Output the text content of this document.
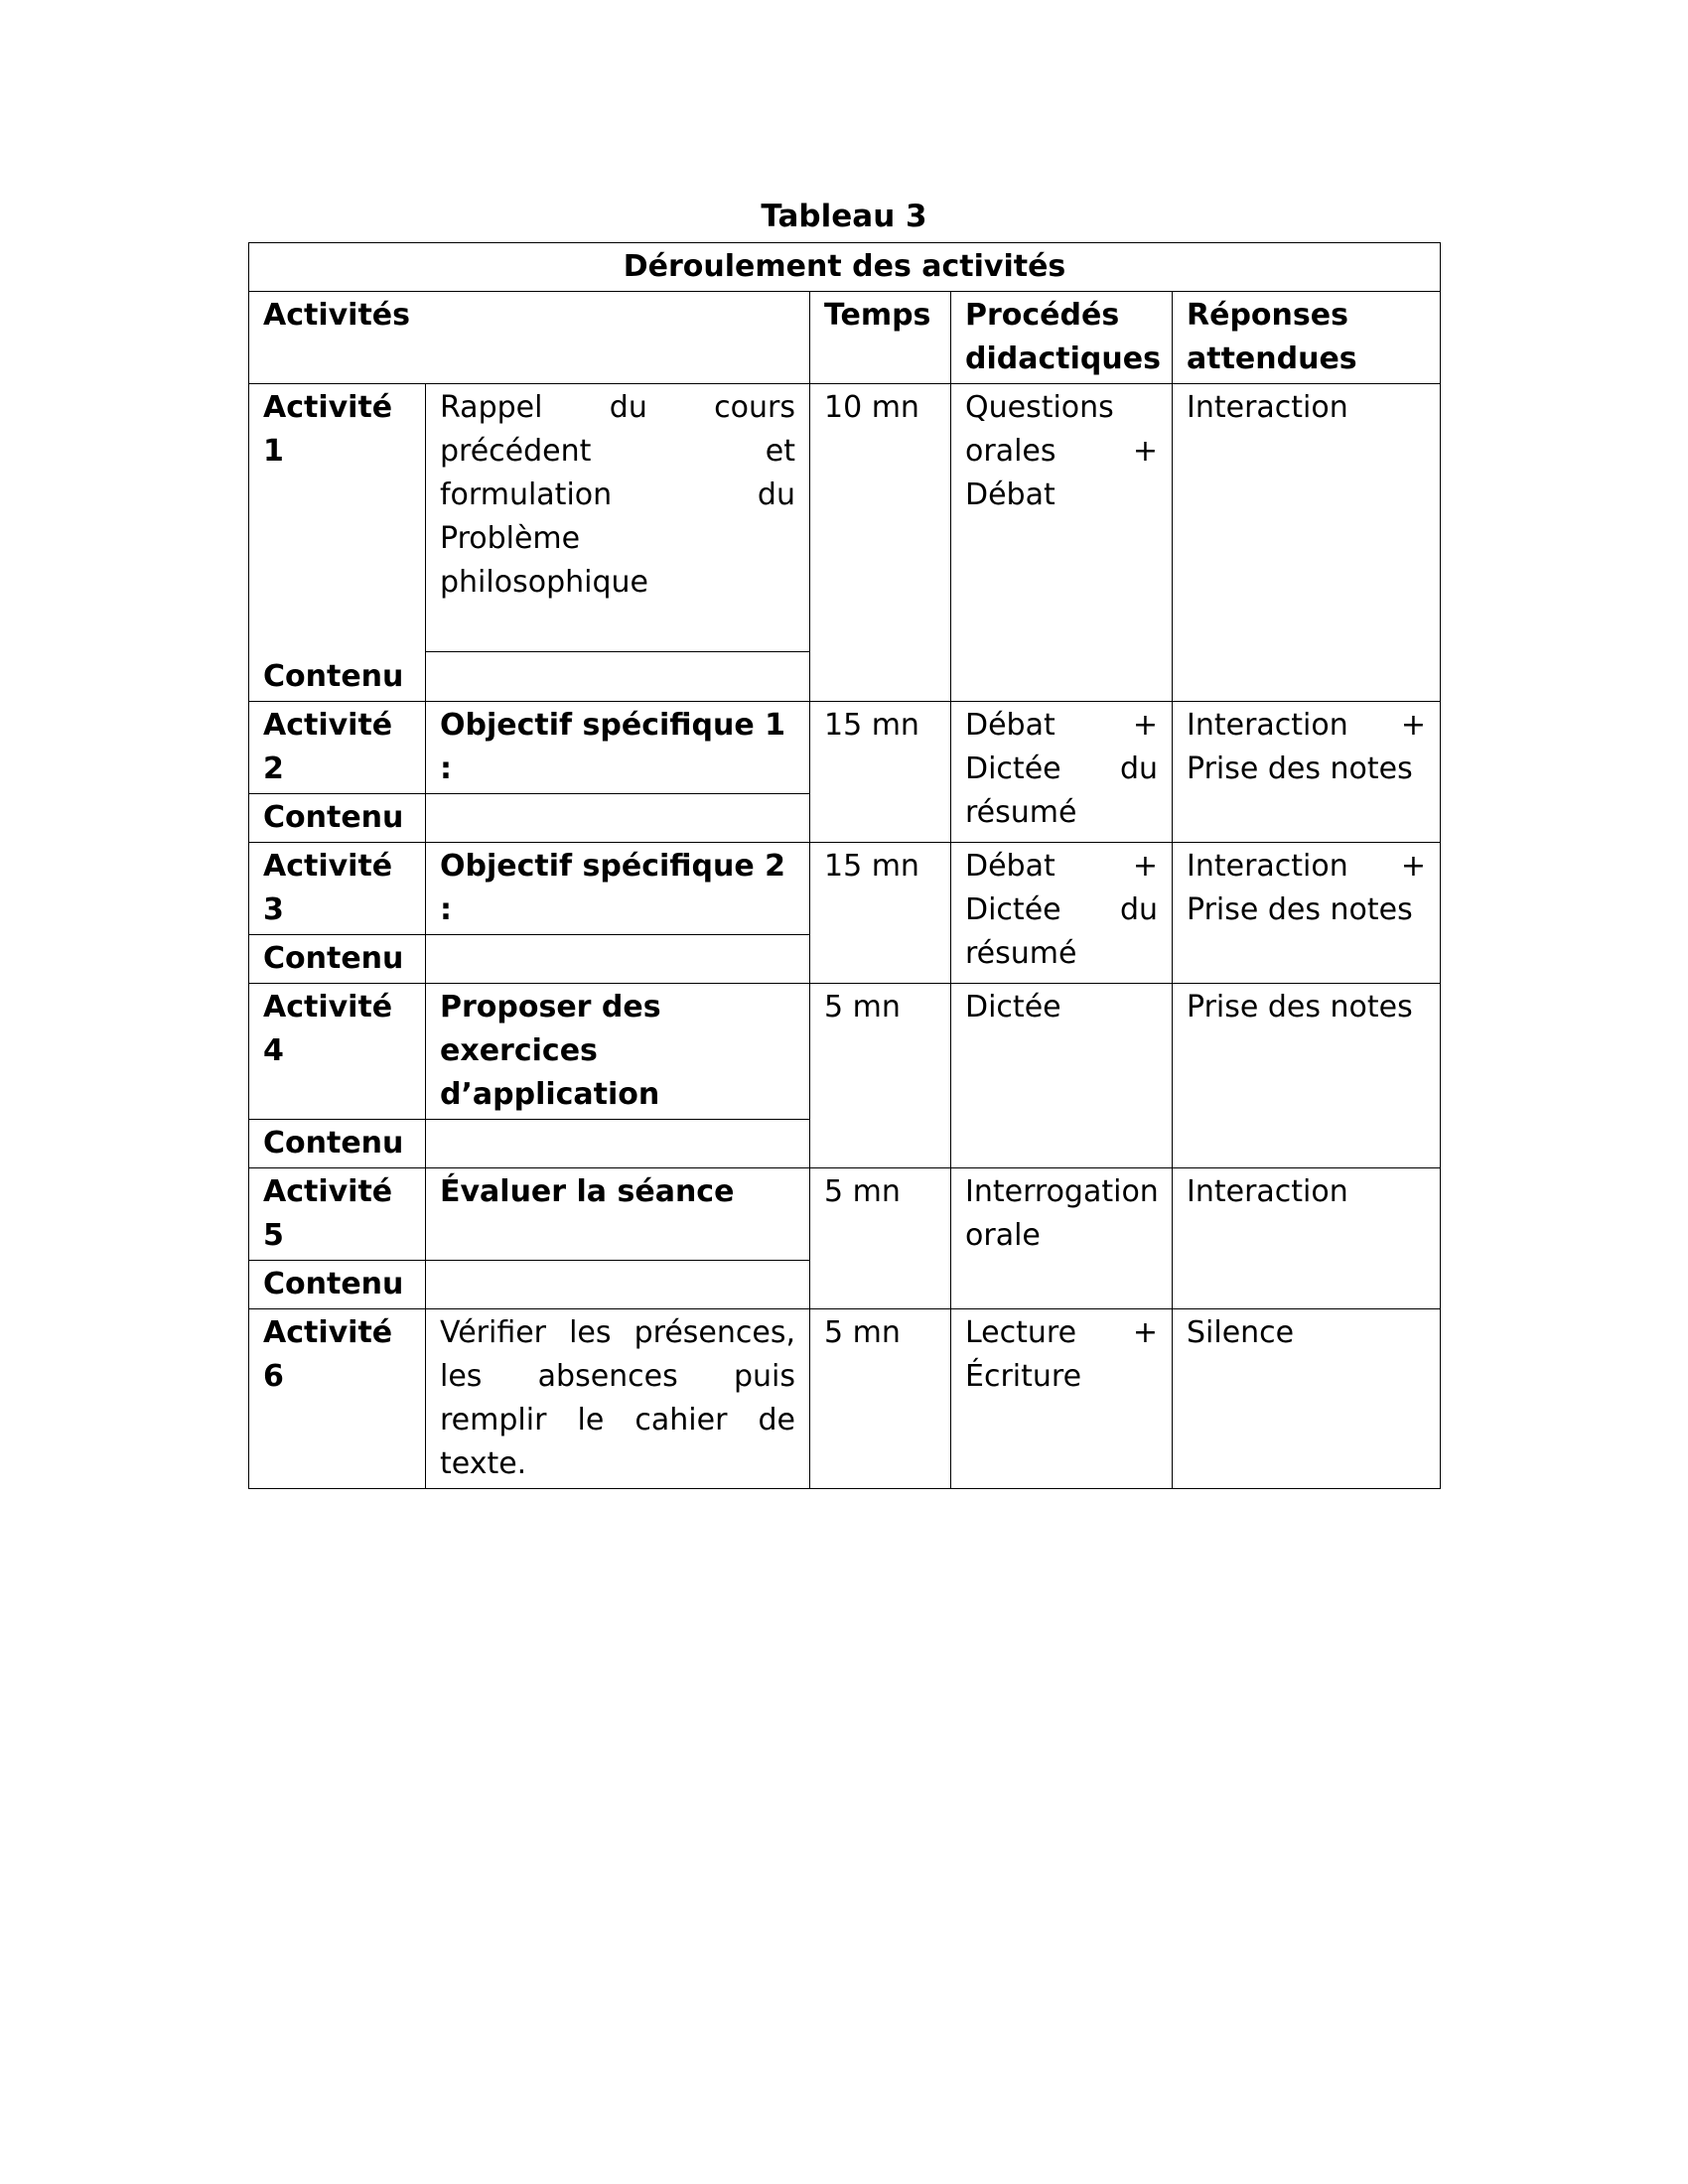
Tableau 3
Déroulement des activités				
Activités		Temps	Procédés didactiques	Réponses attendues
Activité 1	Rappel du cours
précédent et
formulation du
Problème
philosophique	10 mn	Questions
orales +
Débat	Interaction

Contenu				
Activité 2	Objectif spécifique 1 :	15 mn	Débat +
Dictée du
résumé	Interaction +
Prise des notes

Contenu				
Activité 3	Objectif spécifique 2 :	15 mn	Débat +
Dictée du
résumé	Interaction +
Prise des notes

Contenu				
Activité 4	Proposer des exercices
d’application	5 mn	Dictée	Prise des notes

Contenu				
Activité 5	Évaluer la séance	5 mn	Interrogation
orale	Interaction

Contenu				
Activité 6	Vérifier les présences,
les absences puis
remplir le cahier de
texte.	5 mn	Lecture +
Écriture	Silence
